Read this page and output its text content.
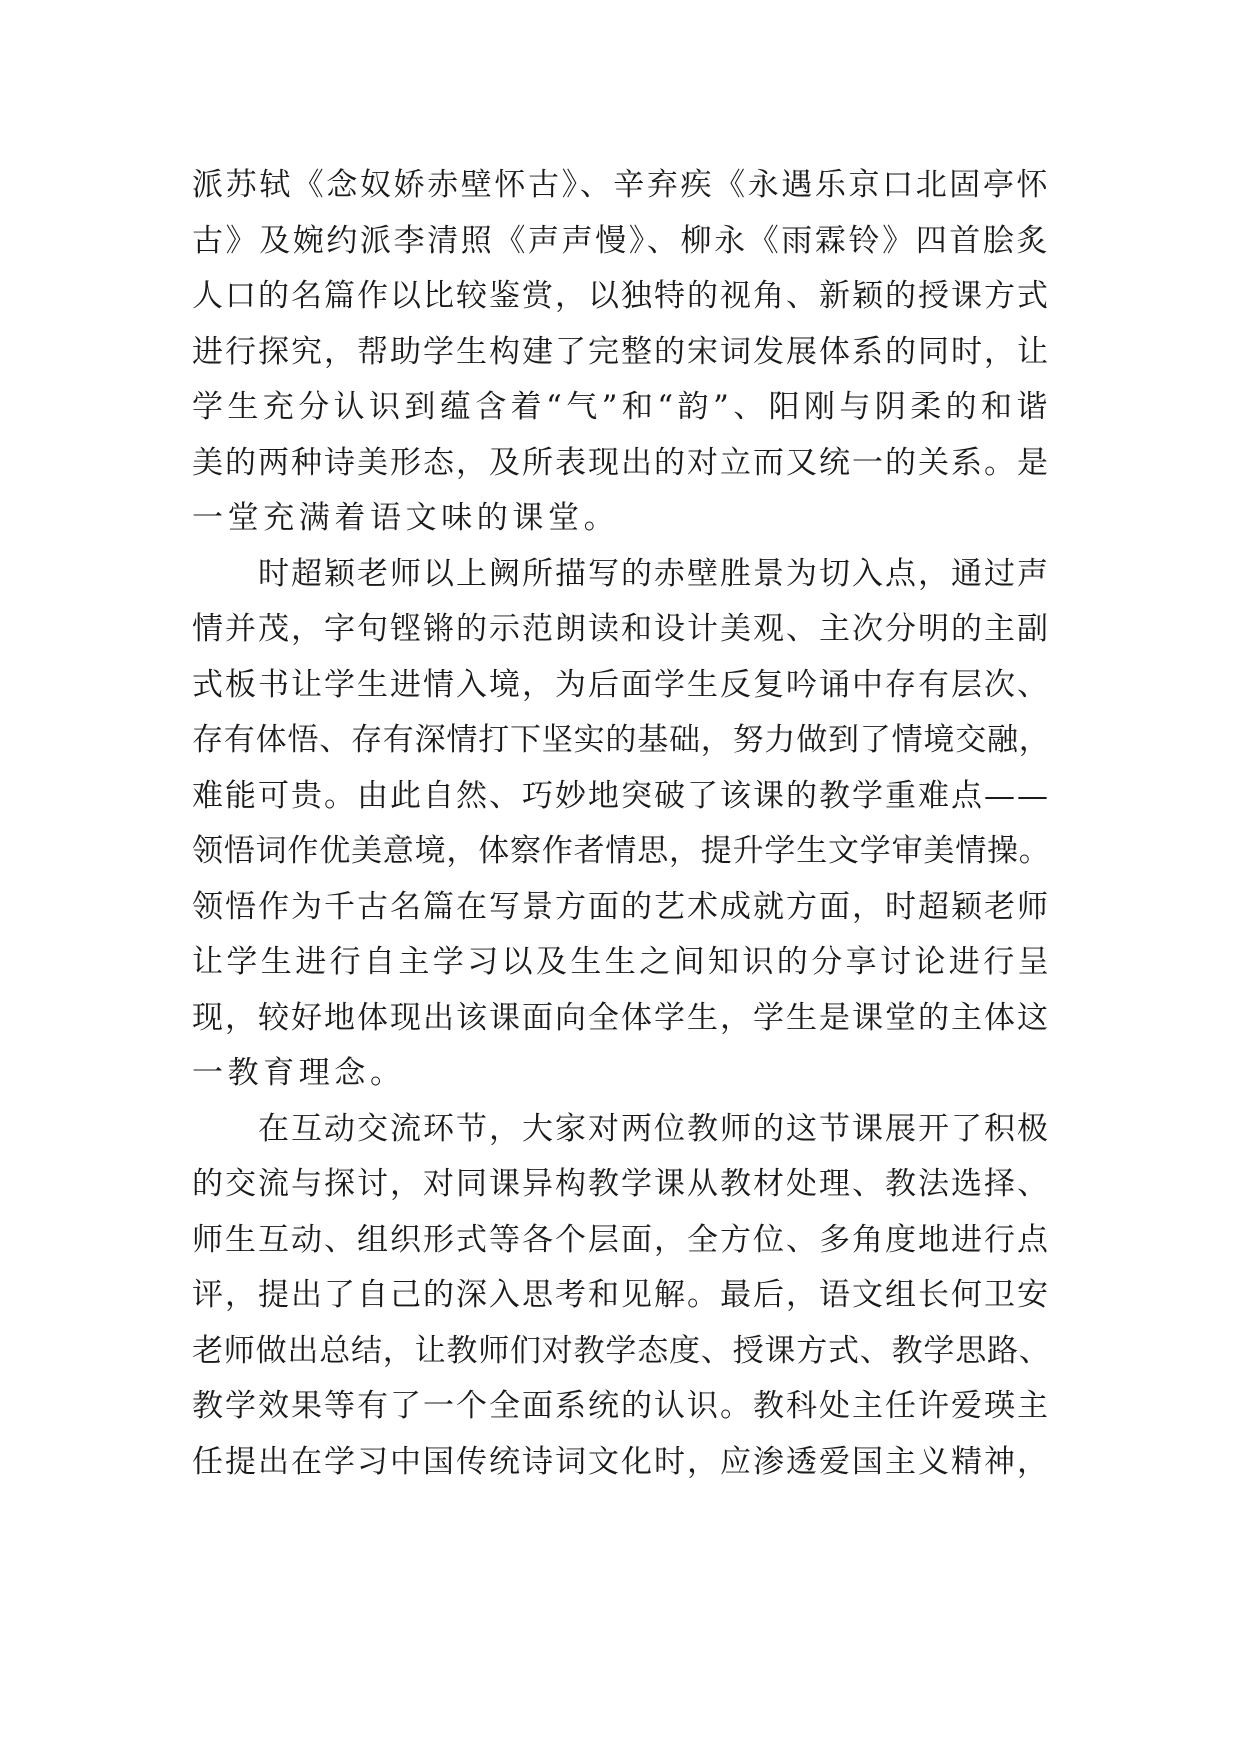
派苏轼《念奴娇赤壁怀古》、辛弃疾《永遇乐京口北固亭怀
古》及婉约派李清照《声声慢》、柳永《雨霖铃》四首脍炙
人口的名篇作以比较鉴赏，以独特的视角、新颖的授课方式
进行探究，帮助学生构建了完整的宋词发展体系的同时，让
学生充分认识到蕴含着“气”和“韵”、阳刚与阴柔的和谐
美的两种诗美形态，及所表现出的对立而又统一的关系。是
一堂充满着语文味的课堂。
时超颖老师以上阙所描写的赤壁胜景为切入点，通过声
情并茂，字句铿锵的示范朗读和设计美观、主次分明的主副
式板书让学生进情入境，为后面学生反复吟诵中存有层次、
存有体悟、存有深情打下坚实的基础，努力做到了情境交融，
难能可贵。由此自然、巧妙地突破了该课的教学重难点——
领悟词作优美意境，体察作者情思，提升学生文学审美情操。
领悟作为千古名篇在写景方面的艺术成就方面，时超颖老师
让学生进行自主学习以及生生之间知识的分享讨论进行呈
现，较好地体现出该课面向全体学生，学生是课堂的主体这
一教育理念。
在互动交流环节，大家对两位教师的这节课展开了积极
的交流与探讨，对同课异构教学课从教材处理、教法选择、
师生互动、组织形式等各个层面，全方位、多角度地进行点
评，提出了自己的深入思考和见解。最后，语文组长何卫安
老师做出总结，让教师们对教学态度、授课方式、教学思路、
教学效果等有了一个全面系统的认识。教科处主任许爱瑛主
任提出在学习中国传统诗词文化时，应渗透爱国主义精神，
